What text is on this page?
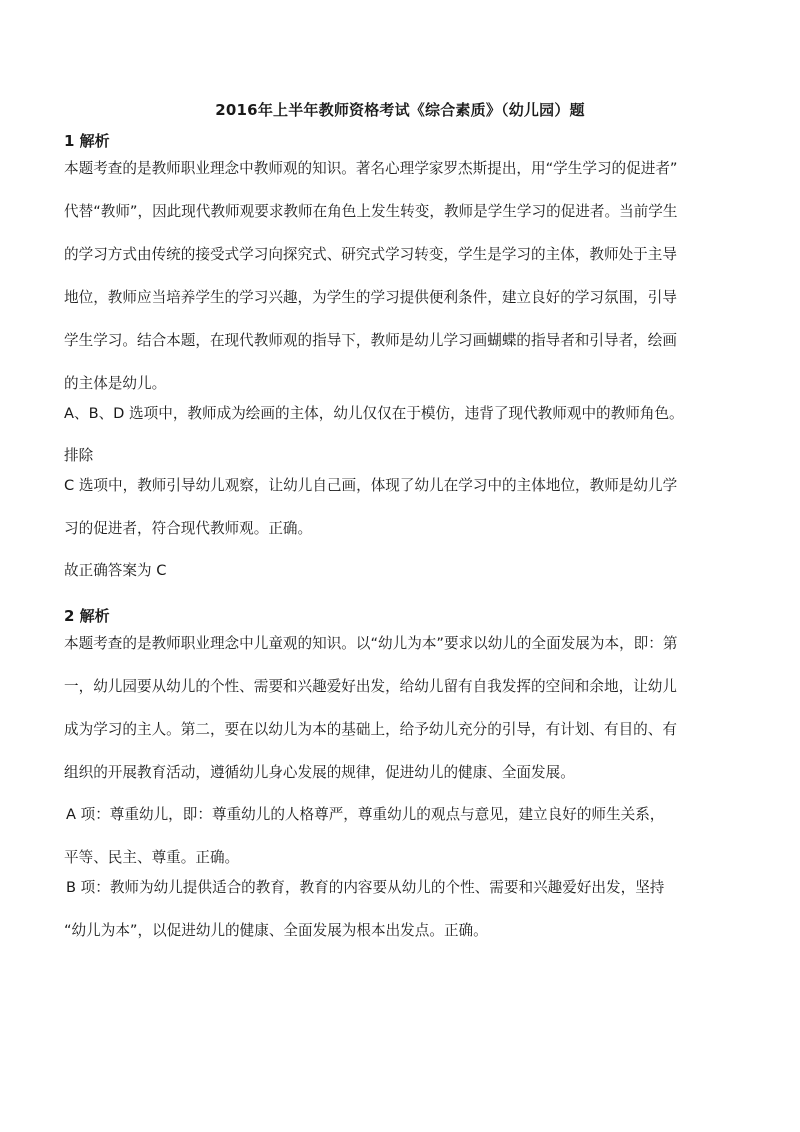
2016年上半年教师资格考试《综合素质》（幼儿园）题
1 解析
本题考查的是教师职业理念中教师观的知识。著名心理学家罗杰斯提出，用“学生学习的促进者”
代替“教师”，因此现代教师观要求教师在角色上发生转变，教师是学生学习的促进者。当前学生
的学习方式由传统的接受式学习向探究式、研究式学习转变，学生是学习的主体，教师处于主导
地位，教师应当培养学生的学习兴趣，为学生的学习提供便利条件，建立良好的学习氛围，引导
学生学习。结合本题，在现代教师观的指导下，教师是幼儿学习画蝴蝶的指导者和引导者，绘画
的主体是幼儿。
A、B、D 选项中，教师成为绘画的主体，幼儿仅仅在于模仿，违背了现代教师观中的教师角色。
排除
C 选项中，教师引导幼儿观察，让幼儿自己画，体现了幼儿在学习中的主体地位，教师是幼儿学
习的促进者，符合现代教师观。正确。
故正确答案为 C
2 解析
本题考查的是教师职业理念中儿童观的知识。以“幼儿为本”要求以幼儿的全面发展为本，即：第
一，幼儿园要从幼儿的个性、需要和兴趣爱好出发，给幼儿留有自我发挥的空间和余地，让幼儿
成为学习的主人。第二，要在以幼儿为本的基础上，给予幼儿充分的引导，有计划、有目的、有
组织的开展教育活动，遵循幼儿身心发展的规律，促进幼儿的健康、全面发展。
A 项：尊重幼儿，即：尊重幼儿的人格尊严，尊重幼儿的观点与意见，建立良好的师生关系，
平等、民主、尊重。正确。
B 项：教师为幼儿提供适合的教育，教育的内容要从幼儿的个性、需要和兴趣爱好出发，坚持
“幼儿为本”，以促进幼儿的健康、全面发展为根本出发点。正确。
